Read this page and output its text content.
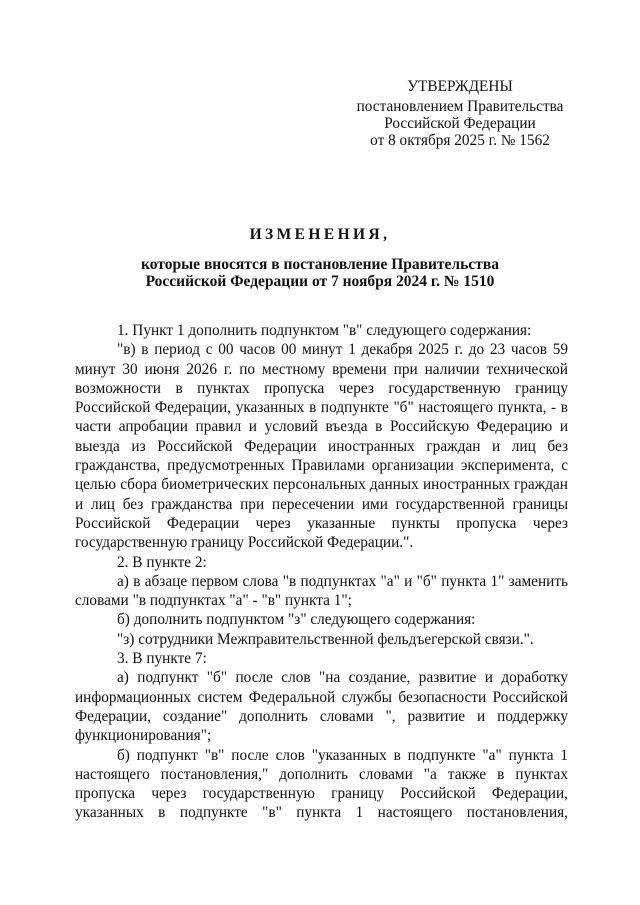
УТВЕРЖДЕНЫ
постановлением Правительства
Российской Федерации
от 8 октября 2025 г. № 1562
ИЗМЕНЕНИЯ,
которые вносятся в постановление Правительства
Российской Федерации от 7 ноября 2024 г. № 1510

1. Пункт 1 дополнить подпунктом "в" следующего содержания:

"в) в период с 00 часов 00 минут 1 декабря 2025 г. до 23 часов 59 минут 30 июня 2026 г. по местному времени при наличии технической возможности в пунктах пропуска через государственную границу Российской Федерации, указанных в подпункте "б" настоящего пункта, - в части апробации правил и условий въезда в Российскую Федерацию и выезда из Российской Федерации иностранных граждан и лиц без гражданства, предусмотренных Правилами организации эксперимента, с целью сбора биометрических персональных данных иностранных граждан и лиц без гражданства при пересечении ими государственной границы Российской Федерации через указанные пункты пропуска через государственную границу Российской Федерации.".

2. В пункте 2:

а) в абзаце первом слова "в подпунктах "а" и "б" пункта 1" заменить словами "в подпунктах "а" - "в" пункта 1";

б) дополнить подпунктом "з" следующего содержания:

"з) сотрудники Межправительственной фельдъегерской связи.".

3. В пункте 7:

а) подпункт "б" после слов "на создание, развитие и доработку информационных систем Федеральной службы безопасности Российской Федерации, создание" дополнить словами ", развитие и поддержку функционирования";

б) подпункт "в" после слов "указанных в подпункте "а" пункта 1 настоящего постановления," дополнить словами "а также в пунктах пропуска через государственную границу Российской Федерации, указанных в подпункте "в" пункта 1 настоящего постановления,
